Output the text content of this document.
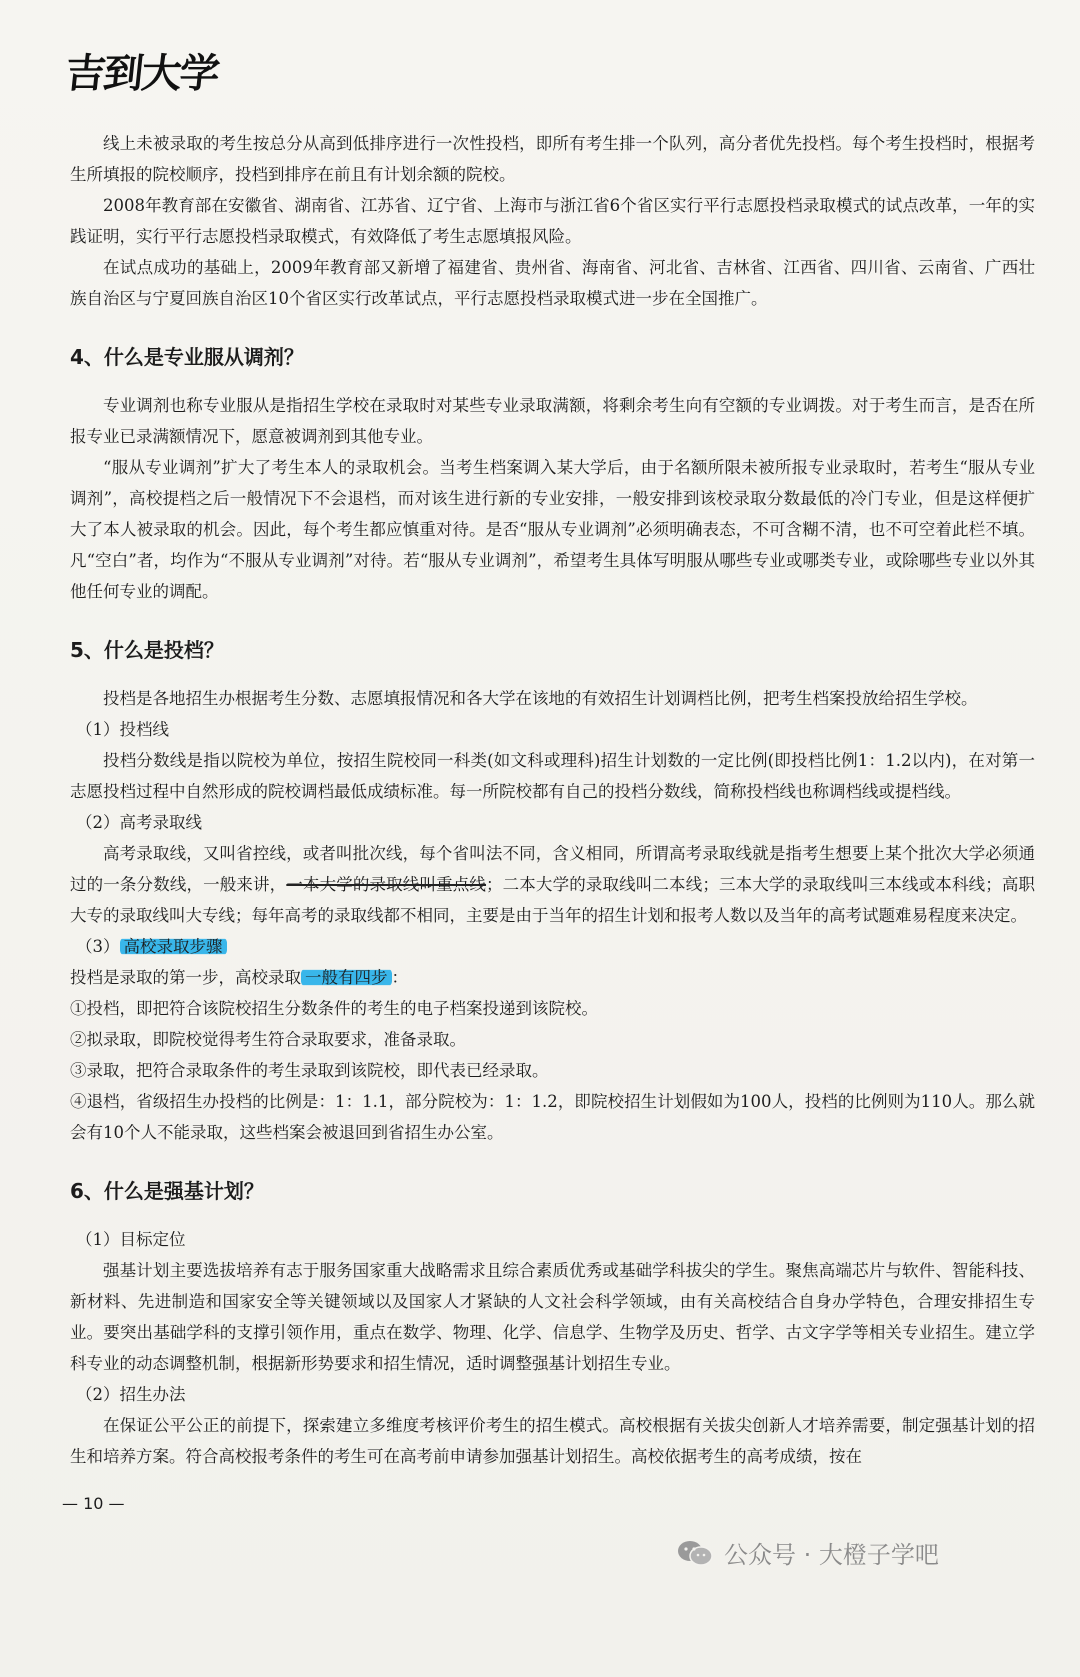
吉到大学

线上未被录取的考生按总分从高到低排序进行一次性投档，即所有考生排一个队列，高分者优先投档。每个考生投档时，根据考生所填报的院校顺序，投档到排序在前且有计划余额的院校。

2008年教育部在安徽省、湖南省、江苏省、辽宁省、上海市与浙江省6个省区实行平行志愿投档录取模式的试点改革，一年的实践证明，实行平行志愿投档录取模式，有效降低了考生志愿填报风险。

在试点成功的基础上，2009年教育部又新增了福建省、贵州省、海南省、河北省、吉林省、江西省、四川省、云南省、广西壮族自治区与宁夏回族自治区10个省区实行改革试点，平行志愿投档录取模式进一步在全国推广。

4、什么是专业服从调剂？

专业调剂也称专业服从是指招生学校在录取时对某些专业录取满额，将剩余考生向有空额的专业调拨。对于考生而言，是否在所报专业已录满额情况下，愿意被调剂到其他专业。

“服从专业调剂”扩大了考生本人的录取机会。当考生档案调入某大学后，由于名额所限未被所报专业录取时，若考生“服从专业调剂”，高校提档之后一般情况下不会退档，而对该生进行新的专业安排，一般安排到该校录取分数最低的冷门专业，但是这样便扩大了本人被录取的机会。因此，每个考生都应慎重对待。是否“服从专业调剂”必须明确表态，不可含糊不清，也不可空着此栏不填。凡“空白”者，均作为“不服从专业调剂”对待。若“服从专业调剂”，希望考生具体写明服从哪些专业或哪类专业，或除哪些专业以外其他任何专业的调配。

5、什么是投档？

投档是各地招生办根据考生分数、志愿填报情况和各大学在该地的有效招生计划调档比例，把考生档案投放给招生学校。

（1）投档线

投档分数线是指以院校为单位，按招生院校同一科类(如文科或理科)招生计划数的一定比例(即投档比例1：1.2以内)，在对第一志愿投档过程中自然形成的院校调档最低成绩标准。每一所院校都有自己的投档分数线，简称投档线也称调档线或提档线。

（2）高考录取线

高考录取线，又叫省控线，或者叫批次线，每个省叫法不同，含义相同，所谓高考录取线就是指考生想要上某个批次大学必须通过的一条分数线，一般来讲，一本大学的录取线叫重点线；二本大学的录取线叫二本线；三本大学的录取线叫三本线或本科线；高职大专的录取线叫大专线；每年高考的录取线都不相同，主要是由于当年的招生计划和报考人数以及当年的高考试题难易程度来决定。

（3） 高校录取步骤

投档是录取的第一步，高校录取 一般有四步 ：

①投档，即把符合该院校招生分数条件的考生的电子档案投递到该院校。

②拟录取，即院校觉得考生符合录取要求，准备录取。

③录取，把符合录取条件的考生录取到该院校，即代表已经录取。

④退档，省级招生办投档的比例是：1：1.1，部分院校为：1：1.2，即院校招生计划假如为100人，投档的比例则为110人。那么就会有10个人不能录取，这些档案会被退回到省招生办公室。

6、什么是强基计划？

（1）目标定位

强基计划主要选拔培养有志于服务国家重大战略需求且综合素质优秀或基础学科拔尖的学生。聚焦高端芯片与软件、智能科技、新材料、先进制造和国家安全等关键领域以及国家人才紧缺的人文社会科学领域，由有关高校结合自身办学特色，合理安排招生专业。要突出基础学科的支撑引领作用，重点在数学、物理、化学、信息学、生物学及历史、哲学、古文字学等相关专业招生。建立学科专业的动态调整机制，根据新形势要求和招生情况，适时调整强基计划招生专业。

（2）招生办法

在保证公平公正的前提下，探索建立多维度考核评价考生的招生模式。高校根据有关拔尖创新人才培养需要，制定强基计划的招生和培养方案。符合高校报考条件的考生可在高考前申请参加强基计划招生。高校依据考生的高考成绩，按在

— 10 —
公众号 · 大橙子学吧
